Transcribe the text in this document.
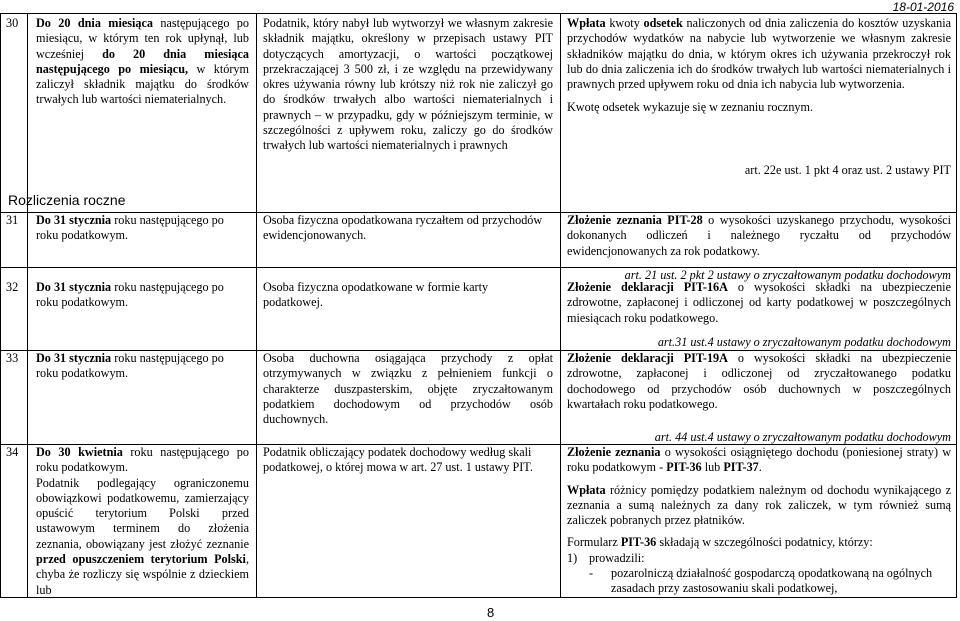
18-01-2016
30 Do 20 dnia miesiąca następującego po miesiącu, w którym ten rok upłynął, lub wcześniej do 20 dnia miesiąca następującego po miesiącu, w którym zaliczył składnik majątku do środków trwałych lub wartości niematerialnych.
Podatnik, który nabył lub wytworzył we własnym zakresie składnik majątku, określony w przepisach ustawy PIT dotyczących amortyzacji, o wartości początkowej przekraczającej 3 500 zł, i ze względu na przewidywany okres używania równy lub krótszy niż rok nie zaliczył go do środków trwałych albo wartości niematerialnych i prawnych – w przypadku, gdy w późniejszym terminie, w szczególności z upływem roku, zaliczy go do środków trwałych lub wartości niematerialnych i prawnych

Wpłata kwoty odsetek naliczonych od dnia zaliczenia do kosztów uzyskania przychodów wydatków na nabycie lub wytworzenie we własnym zakresie składników majątku do dnia, w którym okres ich używania przekroczył rok lub do dnia zaliczenia ich do środków trwałych lub wartości niematerialnych i prawnych przed upływem roku od dnia ich nabycia lub wytworzenia.

Kwotę odsetek wykazuje się w zeznaniu rocznym.

art. 22e ust. 1 pkt 4 oraz ust. 2 ustawy PIT
Rozliczenia roczne
31 Do 31 stycznia roku następującego po roku podatkowym.
Osoba fizyczna opodatkowana ryczałtem od przychodów ewidencjonowanych.
Złożenie zeznania PIT-28 o wysokości uzyskanego przychodu, wysokości dokonanych odliczeń i należnego ryczałtu od przychodów ewidencjonowanych za rok podatkowy.
art. 21 ust. 2 pkt 2 ustawy o zryczałtowanym podatku dochodowym
32 Do 31 stycznia roku następującego po roku podatkowym.
Osoba fizyczna opodatkowane w formie karty podatkowej.
Złożenie deklaracji PIT-16A o wysokości składki na ubezpieczenie zdrowotne, zapłaconej i odliczonej od karty podatkowej w poszczególnych miesiącach roku podatkowego.
art.31 ust.4 ustawy o zryczałtowanym podatku dochodowym
33 Do 31 stycznia roku następującego po roku podatkowym.
Osoba duchowna osiągająca przychody z opłat otrzymywanych w związku z pełnieniem funkcji o charakterze duszpasterskim, objęte zryczałtowanym podatkiem dochodowym od przychodów osób duchownych.
Złożenie deklaracji PIT-19A o wysokości składki na ubezpieczenie zdrowotne, zapłaconej i odliczonej od zryczałtowanego podatku dochodowego od przychodów osób duchownych w poszczególnych kwartałach roku podatkowego.
art. 44 ust.4 ustawy o zryczałtowanym podatku dochodowym
34 Do 30 kwietnia roku następującego po roku podatkowym.

Podatnik podlegający ograniczonemu obowiązkowi podatkowemu, zamierzający opuścić terytorium Polski przed ustawowym terminem do złożenia zeznania, obowiązany jest złożyć zeznanie przed opuszczeniem terytorium Polski, chyba że rozliczy się wspólnie z dzieckiem lub

Podatnik obliczający podatek dochodowy według skali podatkowej, o której mowa w art. 27 ust. 1 ustawy PIT.

Złożenie zeznania o wysokości osiągniętego dochodu (poniesionej straty) w roku podatkowym - PIT-36 lub PIT-37.

Wpłata różnicy pomiędzy podatkiem należnym od dochodu wynikającego z zeznania a sumą należnych za dany rok zaliczek, w tym również sumą zaliczek pobranych przez płatników.

Formularz PIT-36 składają w szczególności podatnicy, którzy:

1) prowadzili:
-	pozarolniczą działalność gospodarczą opodatkowaną na ogólnych zasadach przy zastosowaniu skali podatkowej,
8
